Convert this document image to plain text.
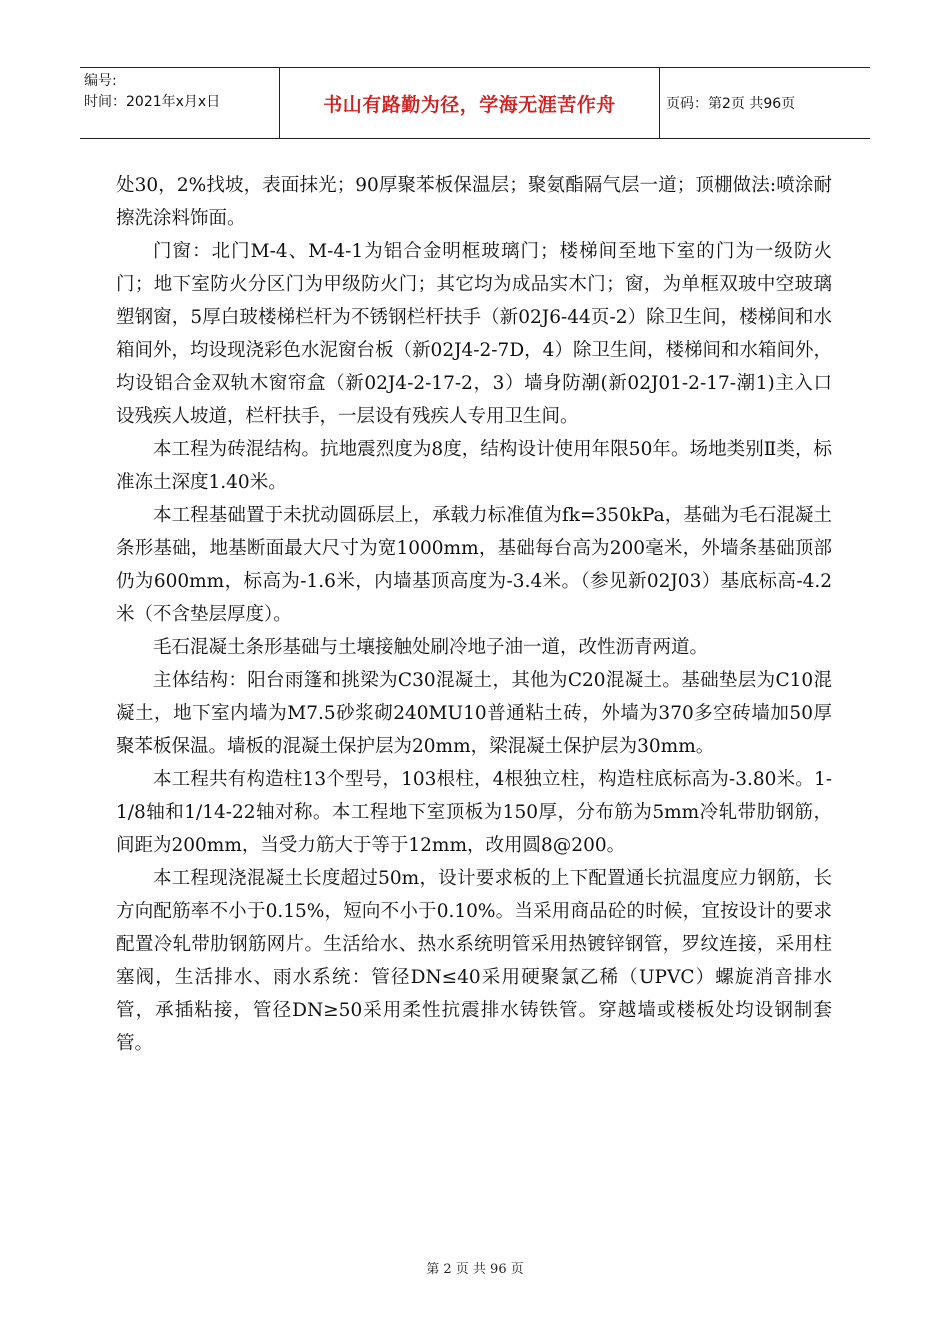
编号:
时间：2021年x月x日	书山有路勤为径，学海无涯苦作舟	页码：第2页 共96页

处30，2%找坡，表面抹光；90厚聚苯板保温层；聚氨酯隔气层一道；顶棚做法:喷涂耐擦洗涂料饰面。

门窗：北门M-4、M-4-1为铝合金明框玻璃门；楼梯间至地下室的门为一级防火门；地下室防火分区门为甲级防火门；其它均为成品实木门；窗，为单框双玻中空玻璃塑钢窗，5厚白玻楼梯栏杆为不锈钢栏杆扶手（新02J6-44页-2）除卫生间，楼梯间和水箱间外，均设现浇彩色水泥窗台板（新02J4-2-7D，4）除卫生间，楼梯间和水箱间外，均设铝合金双轨木窗帘盒（新02J4-2-17-2，3）墙身防潮(新02J01-2-17-潮1)主入口设残疾人坡道，栏杆扶手，一层设有残疾人专用卫生间。

本工程为砖混结构。抗地震烈度为8度，结构设计使用年限50年。场地类别Ⅱ类，标准冻土深度1.40米。

本工程基础置于未扰动圆砾层上，承载力标准值为fk=350kPa，基础为毛石混凝土条形基础，地基断面最大尺寸为宽1000mm，基础每台高为200毫米，外墙条基础顶部仍为600mm，标高为-1.6米，内墙基顶高度为-3.4米。（参见新02J03）基底标高-4.2米（不含垫层厚度）。

毛石混凝土条形基础与土壤接触处刷冷地子油一道，改性沥青两道。

主体结构：阳台雨篷和挑梁为C30混凝土，其他为C20混凝土。基础垫层为C10混凝土，地下室内墙为M7.5砂浆砌240MU10普通粘土砖，外墙为370多空砖墙加50厚聚苯板保温。墙板的混凝土保护层为20mm，梁混凝土保护层为30mm。

本工程共有构造柱13个型号，103根柱，4根独立柱，构造柱底标高为-3.80米。1-1/8轴和1/14-22轴对称。本工程地下室顶板为150厚，分布筋为5mm冷轧带肋钢筋，间距为200mm，当受力筋大于等于12mm，改用圆8@200。

本工程现浇混凝土长度超过50m，设计要求板的上下配置通长抗温度应力钢筋，长方向配筋率不小于0.15%，短向不小于0.10%。当采用商品砼的时候，宜按设计的要求配置冷轧带肋钢筋网片。生活给水、热水系统明管采用热镀锌钢管，罗纹连接，采用柱塞阀，生活排水、雨水系统：管径DN≤40采用硬聚氯乙稀（UPVC）螺旋消音排水管，承插粘接，管径DN≥50采用柔性抗震排水铸铁管。穿越墙或楼板处均设钢制套管。

第 2 页 共 96 页
